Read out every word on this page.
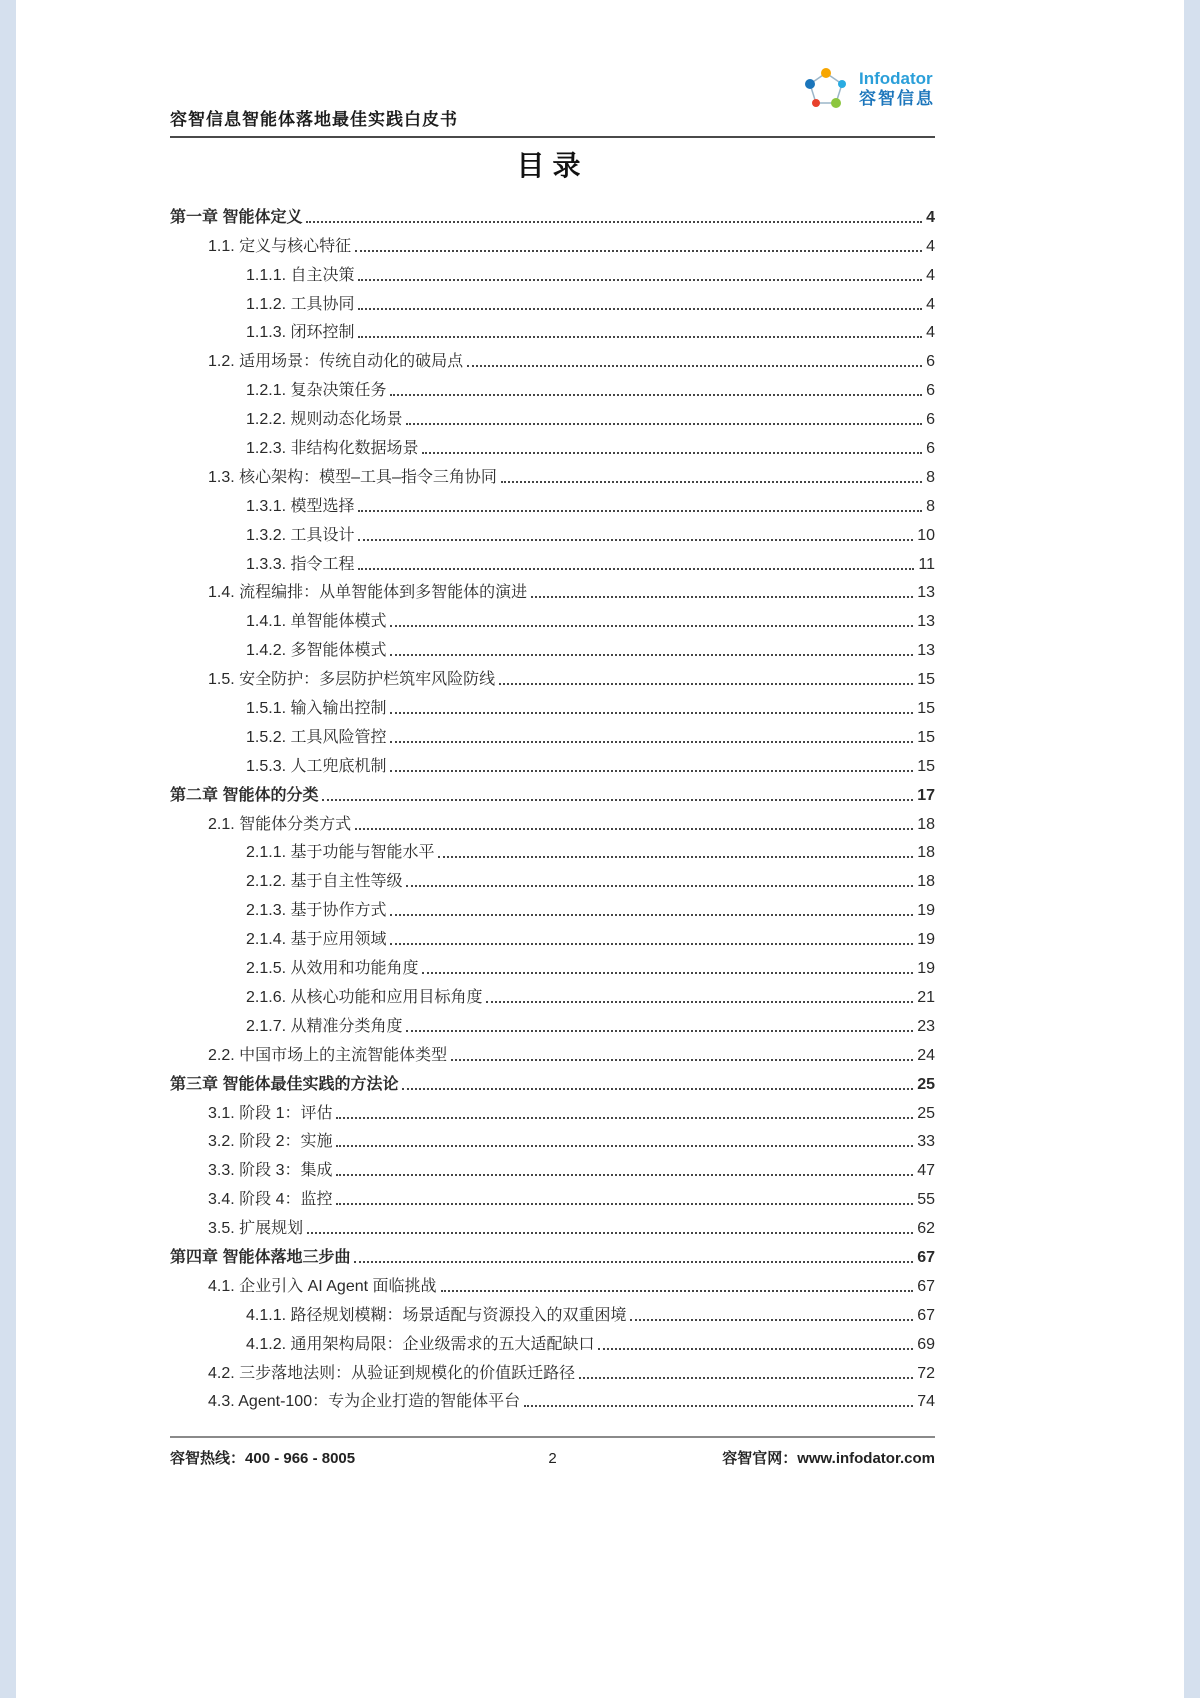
容智信息智能体落地最佳实践白皮书
Infodator
容智信息
目录
第一章 智能体定义	4
1.1. 定义与核心特征	4
1.1.1. 自主决策	4
1.1.2. 工具协同	4
1.1.3. 闭环控制	4
1.2. 适用场景：传统自动化的破局点	6
1.2.1. 复杂决策任务	6
1.2.2. 规则动态化场景	6
1.2.3. 非结构化数据场景	6
1.3. 核心架构：模型–工具–指令三角协同	8
1.3.1. 模型选择	8
1.3.2. 工具设计	10
1.3.3. 指令工程	11
1.4. 流程编排：从单智能体到多智能体的演进	13
1.4.1. 单智能体模式	13
1.4.2. 多智能体模式	13
1.5. 安全防护：多层防护栏筑牢风险防线	15
1.5.1. 输入输出控制	15
1.5.2. 工具风险管控	15
1.5.3. 人工兜底机制	15
第二章 智能体的分类	17
2.1. 智能体分类方式	18
2.1.1. 基于功能与智能水平	18
2.1.2. 基于自主性等级	18
2.1.3. 基于协作方式	19
2.1.4. 基于应用领域	19
2.1.5. 从效用和功能角度	19
2.1.6. 从核心功能和应用目标角度	21
2.1.7. 从精准分类角度	23
2.2. 中国市场上的主流智能体类型	24
第三章 智能体最佳实践的方法论	25
3.1. 阶段 1：评估	25
3.2. 阶段 2：实施	33
3.3. 阶段 3：集成	47
3.4. 阶段 4：监控	55
3.5. 扩展规划	62
第四章 智能体落地三步曲	67
4.1. 企业引入 AI Agent 面临挑战	67
4.1.1. 路径规划模糊：场景适配与资源投入的双重困境	67
4.1.2. 通用架构局限：企业级需求的五大适配缺口	69
4.2. 三步落地法则：从验证到规模化的价值跃迁路径	72
4.3. Agent-100：专为企业打造的智能体平台	74
容智热线：400 - 966 - 8005	2	容智官网：www.infodator.com
